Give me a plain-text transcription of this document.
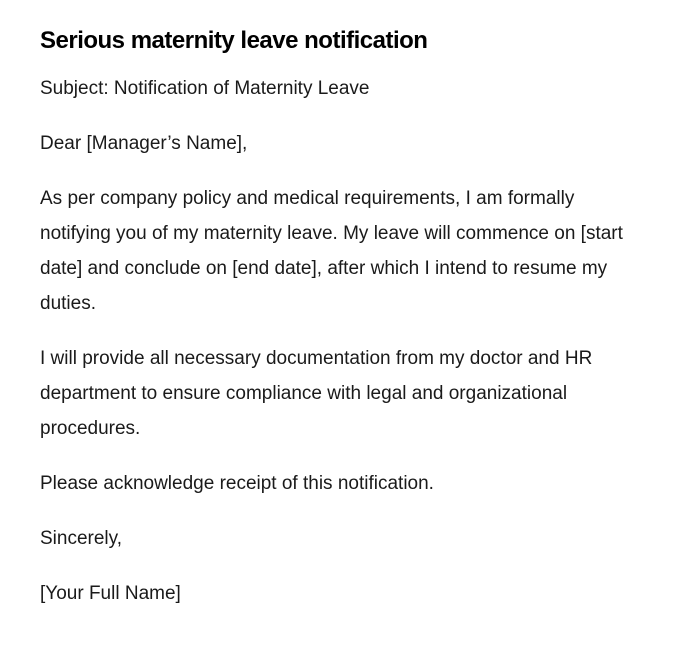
Serious maternity leave notification

Subject: Notification of Maternity Leave

Dear [Manager’s Name],

As per company policy and medical requirements, I am formally notifying you of my maternity leave. My leave will commence on [start date] and conclude on [end date], after which I intend to resume my duties.

I will provide all necessary documentation from my doctor and HR department to ensure compliance with legal and organizational procedures.

Please acknowledge receipt of this notification.

Sincerely,

[Your Full Name]
